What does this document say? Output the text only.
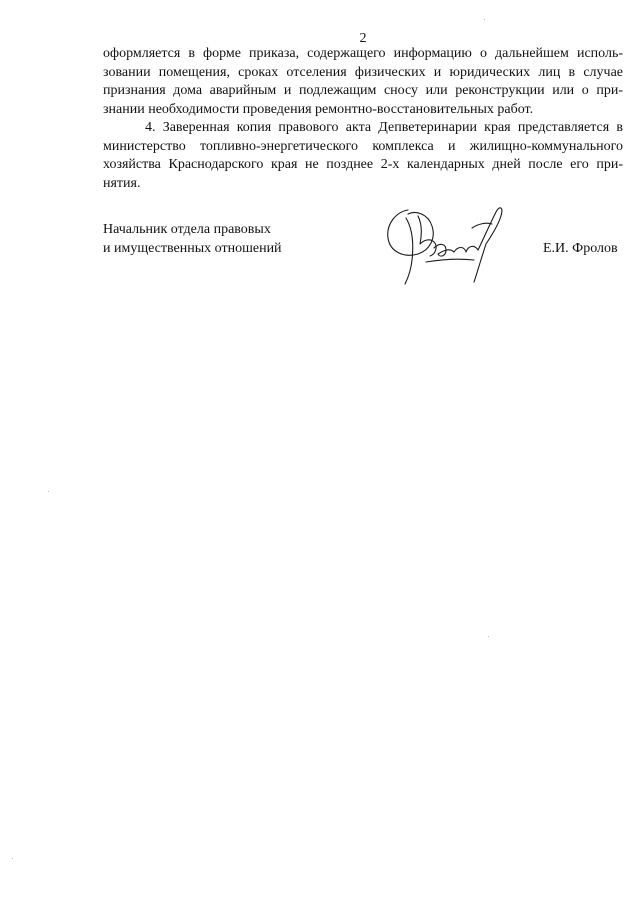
2
оформляется в форме приказа, содержащего информацию о дальнейшем исполь-
зовании помещения, сроках отселения физических и юридических лиц в случае
признания дома аварийным и подлежащим сносу или реконструкции или о при-
знании необходимости проведения ремонтно-восстановительных работ.
4. Заверенная копия правового акта Депветеринарии края представляется в
министерство топливно-энергетического комплекса и жилищно-коммунального
хозяйства Краснодарского края не позднее 2-х календарных дней после его при-
нятия.
Начальник отдела правовых
и имущественных отношений	Е.И. Фролов
